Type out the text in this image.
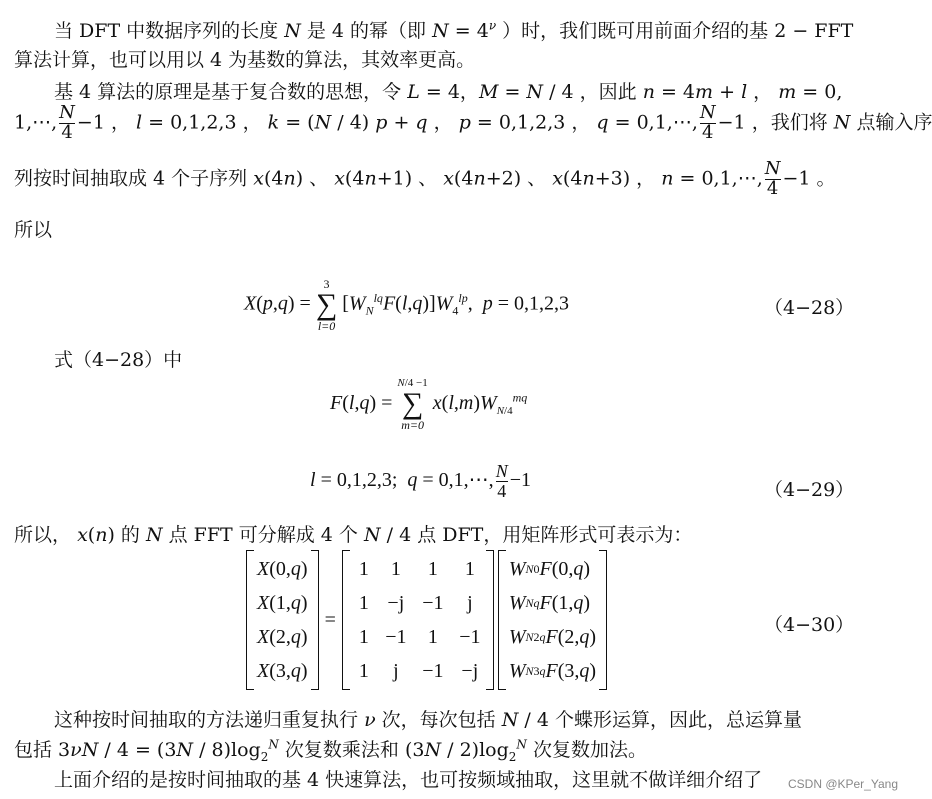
当 DFT 中数据序列的长度 N 是 4 的幂（即 $N = 4^\nu$ ）时，我们既可用前面介绍的基 2 − FFT
算法计算，也可以用以 4 为基数的算法，其效率更高。
基 4 算法的原理是基于复合数的思想，令 L = 4，M = N / 4 ，因此 n = 4m + l ， m = 0,
1,⋯, $\frac{N}{4} -1$ ， l = 0,1,2,3 ， k = (N / 4) p + q ， p = 0,1,2,3 ， q = 0,1,⋯, $\frac{N}{4} -1$ ，我们将 N 点输入序
列按时间抽取成 4 个子序列 x(4n) 、 x(4n+1) 、 x(4n+2) 、 x(4n+3) ， n = 0,1,⋯, $\frac{N}{4} -1$ 。
所以
X(p,q) =
3
∑
l=0
$[W_N^{lq}F(l,q)]W_4^{lp}$,  p = 0,1,2,3	（4−28）
式（4−28）中
F(l,q) =
N/4 −1
∑
m=0
$x(l,m)W_{N/4}^{mq}$
l = 0,1,2,3;  q = 0,1,⋯, $\frac{N}{4} -1$	（4−29）
所以， x(n) 的 N 点 FFT 可分解成 4 个 N / 4 点 DFT，用矩阵形式可表示为：
X (0, q )
X (1, q )
X (2, q )
X (3, q )
=
1	1	1	1
1 −j −1	j
1 −1	1	−1
1	j	−1 −j
W N 0 F (0, q )
W N q F (1, q )
W N 2q F (2, q )
W N 3q F (3, q )
（4−30）
这种按时间抽取的方法递归重复执行 ν 次，每次包括 N / 4 个蝶形运算，因此，总运算量
包括 $3\nu N / 4 = (3N / 8)\log_2^N$ 次复数乘法和 $(3N / 2)\log_2^N$ 次复数加法。
上面介绍的是按时间抽取的基 4 快速算法，也可按频域抽取，这里就不做详细介绍了 CSDN @KPer_Yang
